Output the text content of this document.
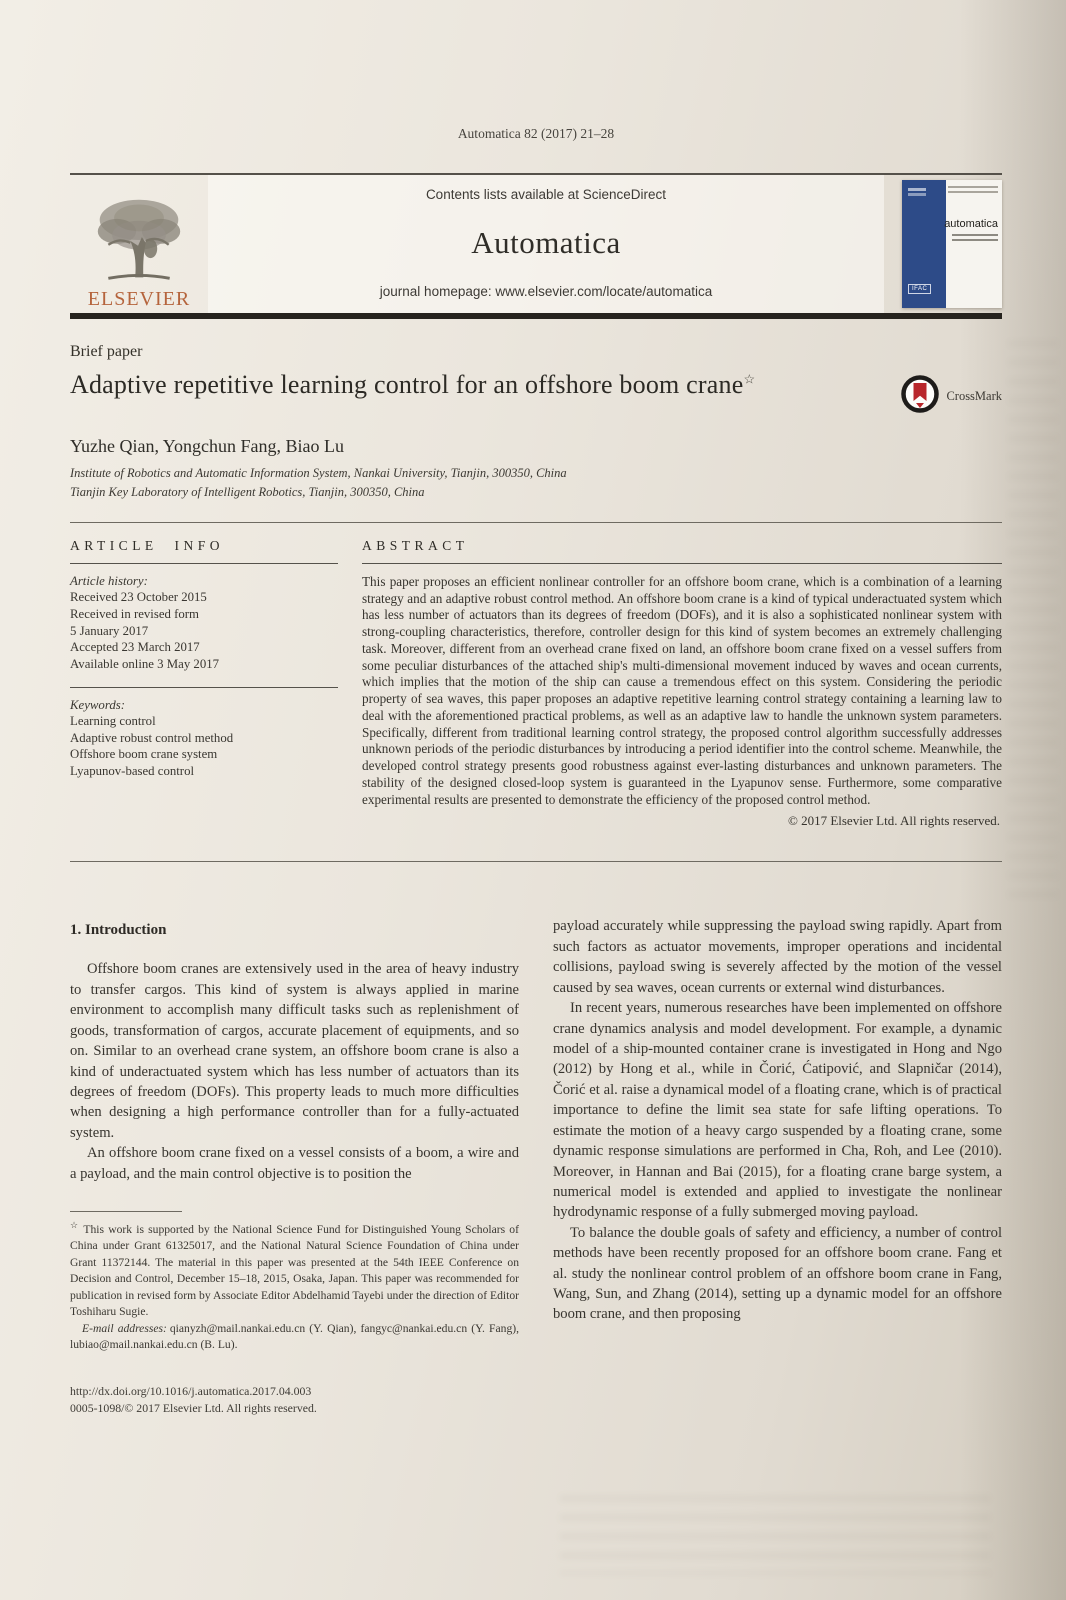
Automatica 82 (2017) 21–28
ELSEVIER
Contents lists available at ScienceDirect
Automatica
journal homepage: www.elsevier.com/locate/automatica	IFAC
automatica
Brief paper
Adaptive repetitive learning control for an offshore boom crane☆
CrossMark
Yuzhe Qian, Yongchun Fang, Biao Lu
Institute of Robotics and Automatic Information System, Nankai University, Tianjin, 300350, China
Tianjin Key Laboratory of Intelligent Robotics, Tianjin, 300350, China
ARTICLE INFO
Article history:
Received 23 October 2015
Received in revised form
5 January 2017
Accepted 23 March 2017
Available online 3 May 2017
Keywords:
Learning control
Adaptive robust control method
Offshore boom crane system
Lyapunov-based control
ABSTRACT

This paper proposes an efficient nonlinear controller for an offshore boom crane, which is a combination of a learning strategy and an adaptive robust control method. An offshore boom crane is a kind of typical underactuated system which has less number of actuators than its degrees of freedom (DOFs), and it is also a sophisticated nonlinear system with strong-coupling characteristics, therefore, controller design for this kind of system becomes an extremely challenging task. Moreover, different from an overhead crane fixed on land, an offshore boom crane fixed on a vessel suffers from some peculiar disturbances of the attached ship's multi-dimensional movement induced by waves and ocean currents, which implies that the motion of the ship can cause a tremendous effect on this system. Considering the periodic property of sea waves, this paper proposes an adaptive repetitive learning control strategy containing a learning law to deal with the aforementioned practical problems, as well as an adaptive law to handle the unknown system parameters. Specifically, different from traditional learning control strategy, the proposed control algorithm successfully addresses unknown periods of the periodic disturbances by introducing a period identifier into the control scheme. Meanwhile, the developed control strategy presents good robustness against ever-lasting disturbances and unknown parameters. The stability of the designed closed-loop system is guaranteed in the Lyapunov sense. Furthermore, some comparative experimental results are presented to demonstrate the efficiency of the proposed control method.

© 2017 Elsevier Ltd. All rights reserved.
1. Introduction

Offshore boom cranes are extensively used in the area of heavy industry to transfer cargos. This kind of system is always applied in marine environment to accomplish many difficult tasks such as replenishment of goods, transformation of cargos, accurate placement of equipments, and so on. Similar to an overhead crane system, an offshore boom crane is also a kind of underactuated system which has less number of actuators than its degrees of freedom (DOFs). This property leads to much more difficulties when designing a high performance controller than for a fully-actuated system.

An offshore boom crane fixed on a vessel consists of a boom, a wire and a payload, and the main control objective is to position the

☆ This work is supported by the National Science Fund for Distinguished Young Scholars of China under Grant 61325017, and the National Natural Science Foundation of China under Grant 11372144. The material in this paper was presented at the 54th IEEE Conference on Decision and Control, December 15–18, 2015, Osaka, Japan. This paper was recommended for publication in revised form by Associate Editor Abdelhamid Tayebi under the direction of Editor Toshiharu Sugie.

E-mail addresses: qianyzh@mail.nankai.edu.cn (Y. Qian), fangyc@nankai.edu.cn (Y. Fang), lubiao@mail.nankai.edu.cn (B. Lu).

http://dx.doi.org/10.1016/j.automatica.2017.04.003
0005-1098/© 2017 Elsevier Ltd. All rights reserved.

payload accurately while suppressing the payload swing rapidly. Apart from such factors as actuator movements, improper operations and incidental collisions, payload swing is severely affected by the motion of the vessel caused by sea waves, ocean currents or external wind disturbances.

In recent years, numerous researches have been implemented on offshore crane dynamics analysis and model development. For example, a dynamic model of a ship-mounted container crane is investigated in Hong and Ngo (2012) by Hong et al., while in Čorić, Ćatipović, and Slapničar (2014), Čorić et al. raise a dynamical model of a floating crane, which is of practical importance to define the limit sea state for safe lifting operations. To estimate the motion of a heavy cargo suspended by a floating crane, some dynamic response simulations are performed in Cha, Roh, and Lee (2010). Moreover, in Hannan and Bai (2015), for a floating crane barge system, a numerical model is extended and applied to investigate the nonlinear hydrodynamic response of a fully submerged moving payload.

To balance the double goals of safety and efficiency, a number of control methods have been recently proposed for an offshore boom crane. Fang et al. study the nonlinear control problem of an offshore boom crane in Fang, Wang, Sun, and Zhang (2014), setting up a dynamic model for an offshore boom crane, and then proposing
